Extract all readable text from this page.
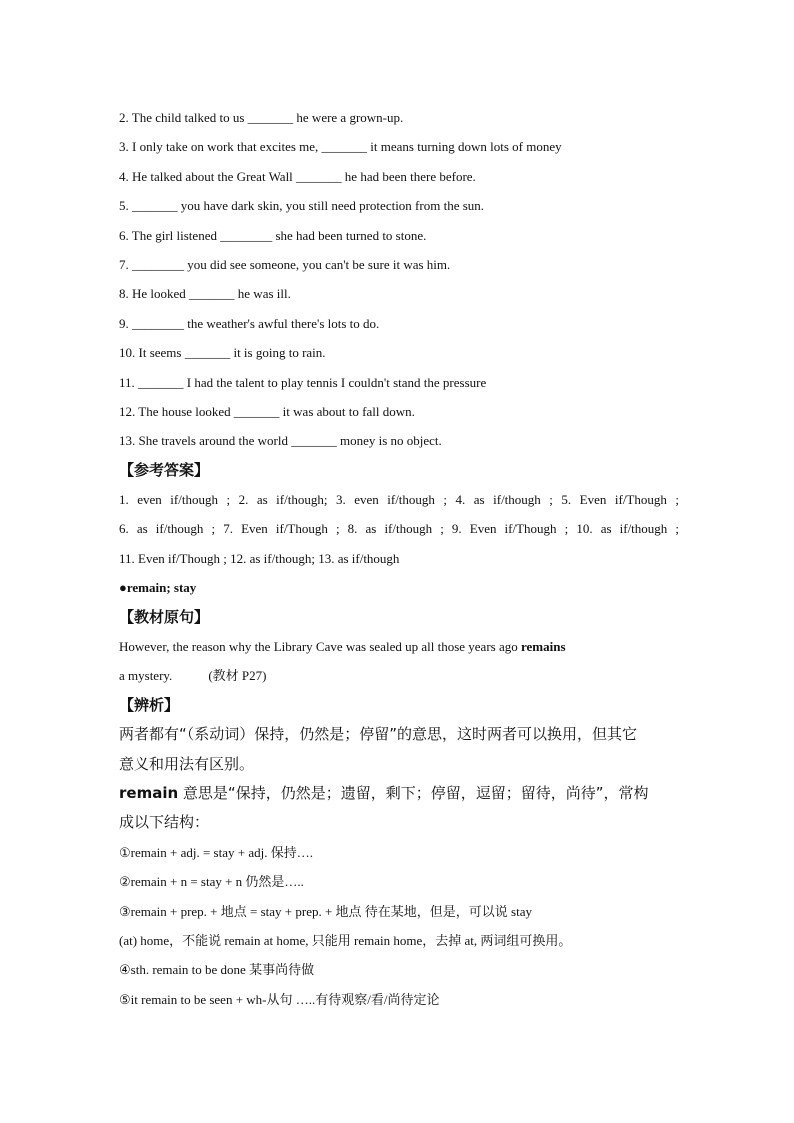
2. The child talked to us _______ he were a grown-up.
3. I only take on work that excites me, _______ it means turning down lots of money
4. He talked about the Great Wall _______ he had been there before.
5. _______ you have dark skin, you still need protection from the sun.
6. The girl listened ________ she had been turned to stone.
7. ________ you did see someone, you can't be sure it was him.
8. He looked _______ he was ill.
9. ________ the weather's awful there's lots to do.
10. It seems _______ it is going to rain.
11. _______ I had the talent to play tennis I couldn't stand the pressure
12. The house looked _______ it was about to fall down.
13. She travels around the world _______ money is no object.
【参考答案】
1. even if/though ; 2. as if/though; 3. even if/though ; 4. as if/though ; 5. Even if/Though ;
6. as if/though ; 7. Even if/Though ; 8. as if/though ; 9. Even if/Though ; 10. as if/though ;
11. Even if/Though ; 12. as if/though; 13. as if/though
●remain; stay
【教材原句】
However, the reason why the Library Cave was sealed up all those years ago remains
a mystery.	(教材 P27)
【辨析】
两者都有“（系动词）保持，仍然是；停留”的意思，这时两者可以换用，但其它
意义和用法有区别。
remain 意思是“保持，仍然是；遗留，剩下；停留，逗留；留待，尚待”，常构
成以下结构：
①remain + adj. = stay + adj. 保持….
②remain + n = stay + n 仍然是…..
③remain + prep. + 地点 = stay + prep. + 地点 待在某地，但是，可以说 stay
(at) home，不能说 remain at home, 只能用 remain home，去掉 at, 两词组可换用。
④sth. remain to be done 某事尚待做
⑤it remain to be seen + wh-从句 …..有待观察/看/尚待定论
